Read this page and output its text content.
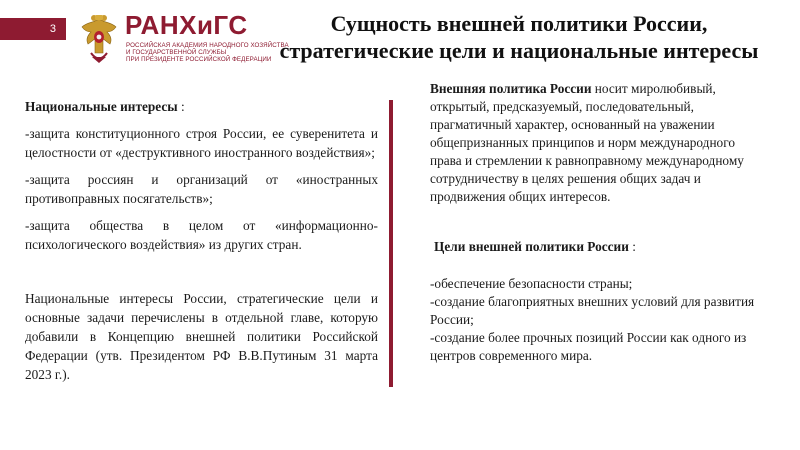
3	РАНХиГС
РОССИЙСКАЯ АКАДЕМИЯ НАРОДНОГО ХОЗЯЙСТВА
И ГОСУДАРСТВЕННОЙ СЛУЖБЫ
ПРИ ПРЕЗИДЕНТЕ РОССИЙСКОЙ ФЕДЕРАЦИИ
Сущность внешней политики России,
стратегические цели и национальные интересы

Национальные интересы :

-защита конституционного строя России, ее суверенитета и целостности от «деструктивного иностранного воздействия»;

-защита россиян и организаций от «иностранных противоправных посягательств»;

-защита общества в целом от «информационно-психологического воздействия» из других стран.

Национальные интересы России, стратегические цели и основные задачи перечислены в отдельной главе, которую добавили в Концепцию внешней политики Российской Федерации (утв. Президентом РФ В.В.Путиным 31 марта 2023 г.).

Внешняя политика России носит миролюбивый, открытый, предсказуемый, последовательный, прагматичный характер, основанный на уважении общепризнанных принципов и норм международного права и стремлении к равноправному международному сотрудничеству в целях решения общих задач и продвижения общих интересов.

Цели внешней политики России :

-обеспечение безопасности страны;

-создание благоприятных внешних условий для развития России;

-создание более прочных позиций России как одного из центров современного мира.
